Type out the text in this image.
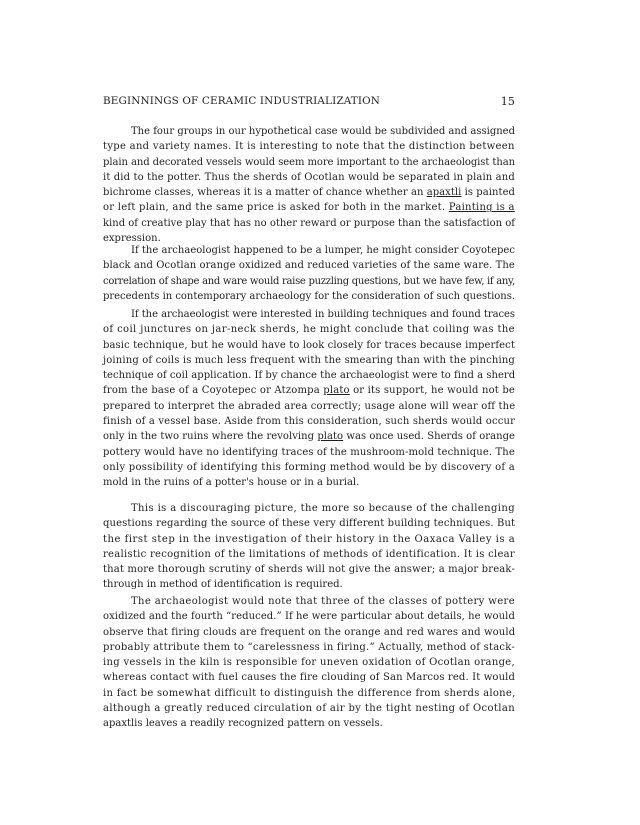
BEGINNINGS OF CERAMIC INDUSTRIALIZATION	15
The four groups in our hypothetical case would be subdivided and assigned
type and variety names. It is interesting to note that the distinction between
plain and decorated vessels would seem more important to the archaeologist than
it did to the potter. Thus the sherds of Ocotlan would be separated in plain and
bichrome classes, whereas it is a matter of chance whether an apaxtli is painted
or left plain, and the same price is asked for both in the market. Painting is a
kind of creative play that has no other reward or purpose than the satisfaction of
expression.
If the archaeologist happened to be a lumper, he might consider Coyotepec
black and Ocotlan orange oxidized and reduced varieties of the same ware. The
correlation of shape and ware would raise puzzling questions, but we have few, if any,
precedents in contemporary archaeology for the consideration of such questions.
If the archaeologist were interested in building techniques and found traces
of coil junctures on jar-neck sherds, he might conclude that coiling was the
basic technique, but he would have to look closely for traces because imperfect
joining of coils is much less frequent with the smearing than with the pinching
technique of coil application. If by chance the archaeologist were to find a sherd
from the base of a Coyotepec or Atzompa plato or its support, he would not be
prepared to interpret the abraded area correctly; usage alone will wear off the
finish of a vessel base. Aside from this consideration, such sherds would occur
only in the two ruins where the revolving plato was once used. Sherds of orange
pottery would have no identifying traces of the mushroom-mold technique. The
only possibility of identifying this forming method would be by discovery of a
mold in the ruins of a potter's house or in a burial.
This is a discouraging picture, the more so because of the challenging
questions regarding the source of these very different building techniques. But
the first step in the investigation of their history in the Oaxaca Valley is a
realistic recognition of the limitations of methods of identification. It is clear
that more thorough scrutiny of sherds will not give the answer; a major break-
through in method of identification is required.
The archaeologist would note that three of the classes of pottery were
oxidized and the fourth “reduced.” If he were particular about details, he would
observe that firing clouds are frequent on the orange and red wares and would
probably attribute them to “carelessness in firing.” Actually, method of stack-
ing vessels in the kiln is responsible for uneven oxidation of Ocotlan orange,
whereas contact with fuel causes the fire clouding of San Marcos red. It would
in fact be somewhat difficult to distinguish the difference from sherds alone,
although a greatly reduced circulation of air by the tight nesting of Ocotlan
apaxtlis leaves a readily recognized pattern on vessels.
